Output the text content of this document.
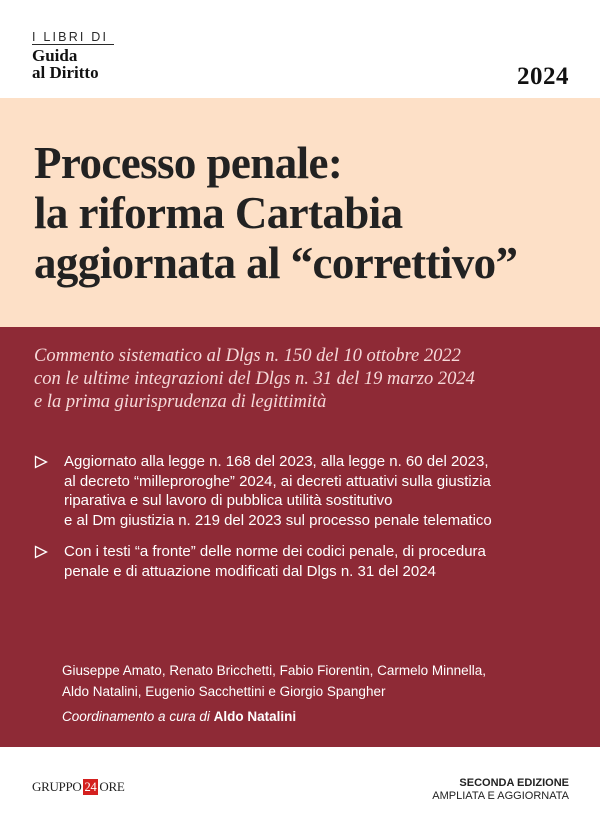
I LIBRI DI
Guida
al Diritto	2024
Processo penale:
la riforma Cartabia
aggiornata al “correttivo”
Commento sistematico al Dlgs n. 150 del 10 ottobre 2022
con le ultime integrazioni del Dlgs n. 31 del 19 marzo 2024
e la prima giurisprudenza di legittimità
Aggiornato alla legge n. 168 del 2023, alla legge n. 60 del 2023,
al decreto “milleproroghe” 2024, ai decreti attuativi sulla giustizia
riparativa e sul lavoro di pubblica utilità sostitutivo
e al Dm giustizia n. 219 del 2023 sul processo penale telematico
Con i testi “a fronte” delle norme dei codici penale, di procedura
penale e di attuazione modificati dal Dlgs n. 31 del 2024
Giuseppe Amato, Renato Bricchetti, Fabio Fiorentin, Carmelo Minnella,
Aldo Natalini, Eugenio Sacchettini e Giorgio Spangher
Coordinamento a cura di Aldo Natalini
GRUPPO 24 ORE	SECONDA EDIZIONE
AMPLIATA E AGGIORNATA
